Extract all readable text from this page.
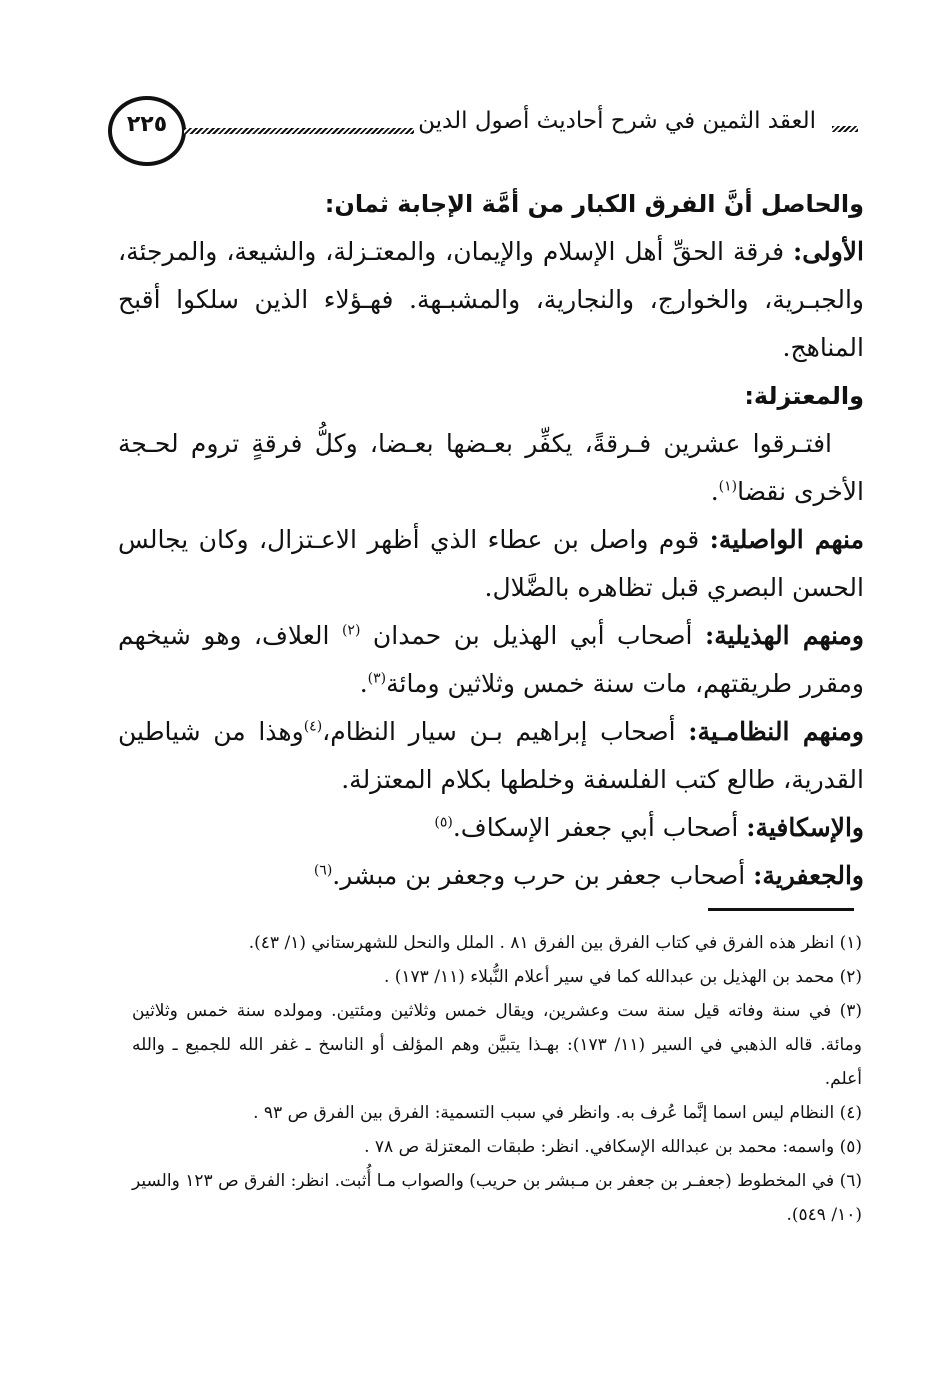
٢٢٥	العقد الثمين في شرح أحاديث أصول الدين

والحاصل أنَّ الفرق الكبار من أمَّة الإجابة ثمان:

الأولى: فرقة الحقِّ أهل الإسلام والإيمان، والمعتـزلة، والشيعة، والمرجئة، والجبـرية، والخوارج، والنجارية، والمشبـهة. فهـؤلاء الذين سلكوا أقبح المناهج.

والمعتزلة:

افتـرقوا عشرين فـرقةً، يكفِّر بعـضها بعـضا، وكلُّ فرقةٍ تروم لحـجة الأخرى نقضا$^{(١)}$.

منهم الواصلية: قوم واصل بن عطاء الذي أظهر الاعـتزال، وكان يجالس الحسن البصري قبل تظاهره بالضَّلال.

ومنهم الهذيلية: أصحاب أبي الهذيل بن حمدان $^{(٢)}$ العلاف، وهو شيخهم ومقرر طريقتهم، مات سنة خمس وثلاثين ومائة$^{(٣)}$.

ومنهم النظامـية: أصحاب إبراهيم بـن سيار النظام،$^{(٤)}$وهذا من شياطين القدرية، طالع كتب الفلسفة وخلطها بكلام المعتزلة.

والإسكافية: أصحاب أبي جعفر الإسكاف.$^{(٥)}$

والجعفرية: أصحاب جعفر بن حرب وجعفر بن مبشر.$^{(٦)}$

(١) انظر هذه الفرق في كتاب الفرق بين الفرق ٨١ . الملل والنحل للشهرستاني (١/ ٤٣).

(٢) محمد بن الهذيل بن عبدالله كما في سير أعلام النُّبلاء (١١/ ١٧٣) .

(٣) في سنة وفاته قيل سنة ست وعشرين، ويقال خمس وثلاثين ومئتين. ومولده سنة خمس وثلاثين ومائة. قاله الذهبي في السير (١١/ ١٧٣): بهـذا يتبيَّن وهم المؤلف أو الناسخ ـ غفر الله للجميع ـ والله أعلم.

(٤) النظام ليس اسما إنَّما عُرف به. وانظر في سبب التسمية: الفرق بين الفرق ص ٩٣ .

(٥) واسمه: محمد بن عبدالله الإسكافي. انظر: طبقات المعتزلة ص ٧٨ .

(٦) في المخطوط (جعفـر بن جعفر بن مـبشر بن حريب) والصواب مـا أُثبت. انظر: الفرق ص ١٢٣ والسير (١٠/ ٥٤٩).
